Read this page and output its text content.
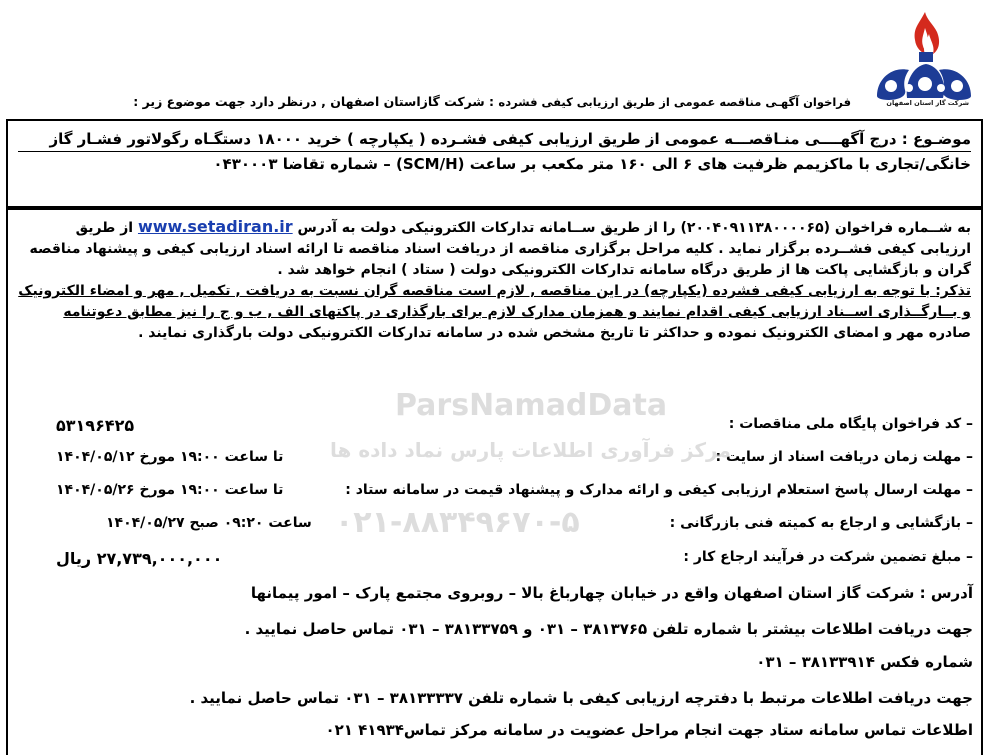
شرکت گاز استان اصفهان
فراخوان آگهـی مناقصه عمومی از طریق ارزیابی کیفی فشرده : شرکت گازاستان اصفهان , درنظر دارد جهت موضوع زیر :

موضـوع : درج آگهــــی منـاقصـــه عمومی از طریق ارزیابی کیفی فشـرده ( یکپارچه ) خرید ۱۸۰۰۰ دستگـاه رگولاتور فشـار گاز

خانگی/تجاری با ماکزیمم ظرفیت های ۶ الی ۱۶۰ متر مکعب بر ساعت (SCM/H) – شماره تقاضا ۰۴۳۰۰۰۳

به شــماره فراخوان (۲۰۰۴۰۹۱۱۳۸۰۰۰۰۶۵) را از طریق ســامانه تدارکات الکترونیکی دولت به آدرس www.setadiran.ir از طریق
ارزیابی کیفی فشــرده برگزار نماید . کلیه مراحل برگزاری مناقصه از دریافت اسناد مناقصه تا ارائه اسناد ارزیابی کیفی و پیشنهاد مناقصه
گران و بازگشایی پاکت ها از طریق درگاه سامانه تدارکات الکترونیکی دولت ( ستاد ) انجام خواهد شد .
تذکر: با توجه به ارزیابی کیفی فشرده (یکپارچه) در این مناقصه , لازم است مناقصه گران نسبت به دریافت , تکمیل , مهر و امضاء الکترونیک
و بــارگــذاری اســناد ارزیابی کیفی اقدام نمایند و همزمان مدارک لازم برای بارگذاری در پاکتهای الف , ب و ج را نیز مطابق دعوتنامه
صادره مهر و امضای الکترونیک نموده و حداکثر تا تاریخ مشخص شده در سامانه تدارکات الکترونیکی دولت بارگذاری نمایند .
– کد فراخوان پایگاه ملی مناقصات :
۵۳۱۹۶۴۲۵
– مهلت زمان دریافت اسناد از سایت :
تا ساعت ۱۹:۰۰ مورخ ۱۴۰۴/۰۵/۱۲
– مهلت ارسال پاسخ استعلام ارزیابی کیفی و ارائه مدارک و پیشنهاد قیمت در سامانه ستاد :
تا ساعت ۱۹:۰۰ مورخ ۱۴۰۴/۰۵/۲۶
– بازگشایی و ارجاع به کمیته فنی بازرگانی :
ساعت ۰۹:۲۰ صبح ۱۴۰۴/۰۵/۲۷
– مبلغ تضمین شرکت در فرآیند ارجاع کار :
۲۷,۷۳۹,۰۰۰,۰۰۰ ریال
آدرس : شرکت گاز استان اصفهان واقع در خیابان چهارباغ بالا – روبروی مجتمع پارک – امور پیمانها
جهت دریافت اطلاعات بیشتر با شماره تلفن ۳۸۱۳۷۶۵ – ۰۳۱ و ۳۸۱۳۳۷۵۹ – ۰۳۱ تماس حاصل نمایید .
شماره فکس ۳۸۱۳۳۹۱۴ – ۰۳۱
جهت دریافت اطلاعات مرتبط با دفترچه ارزیابی کیفی با شماره تلفن ۳۸۱۳۳۳۳۷ – ۰۳۱ تماس حاصل نمایید .
اطلاعات تماس سامانه ستاد جهت انجام مراحل عضویت در سامانه مرکز تماس۴۱۹۳۴ ۰۲۱
ParsNamadData
مرکز فرآوری اطلاعات پارس نماد داده ها
۰۲۱-۸۸۳۴۹۶۷۰-۵
